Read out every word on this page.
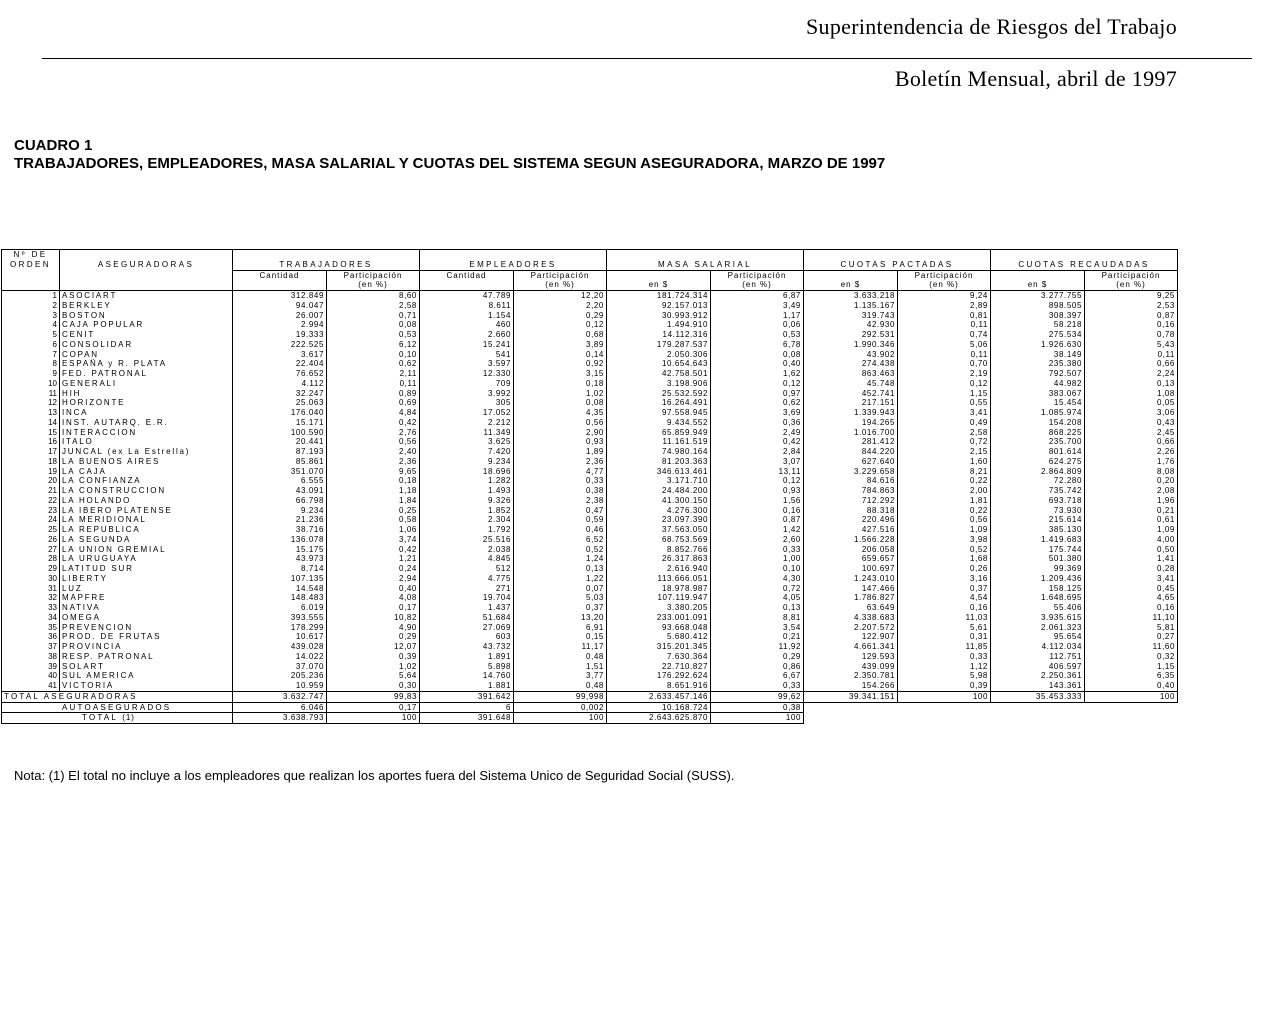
Superintendencia de Riesgos del Trabajo
Boletín Mensual, abril de 1997
CUADRO 1
TRABAJADORES, EMPLEADORES, MASA SALARIAL Y CUOTAS DEL SISTEMA SEGUN ASEGURADORA, MARZO DE 1997
Nº DE											
ORDEN	ASEGURADORAS	TRABAJADORES		EMPLEADORES		MASA SALARIAL		CUOTAS PACTADAS		CUOTAS RECAUDADAS	
		Cantidad	Participación	Cantidad	Participación		Participación		Participación		Participación
			(en %)		(en %)	en $	(en %)	en $	(en %)	en $	(en %)
1	ASOCIART	312.849	8,60	47.789	12,20	181.724.314	6,87	3.633.218	9,24	3.277.755	9,25
2	BERKLEY	94.047	2,58	8.611	2,20	92.157.013	3,49	1.135.167	2,89	898.505	2,53
3	BOSTON	26.007	0,71	1.154	0,29	30.993.912	1,17	319.743	0,81	308.397	0,87
4	CAJA POPULAR	2.994	0,08	460	0,12	1.494.910	0,06	42.930	0,11	58.218	0,16
5	CENIT	19.333	0,53	2.660	0,68	14.112.316	0,53	292.531	0,74	275.534	0,78
6	CONSOLIDAR	222.525	6,12	15.241	3,89	179.287.537	6,78	1.990.346	5,06	1.926.630	5,43
7	COPAN	3.617	0,10	541	0,14	2.050.306	0,08	43.902	0,11	38.149	0,11
8	ESPAÑA y R. PLATA	22.404	0,62	3.597	0,92	10.654.643	0,40	274.438	0,70	235.380	0,66
9	FED. PATRONAL	76.652	2,11	12.330	3,15	42.758.501	1,62	863.463	2,19	792.507	2,24
10	GENERALI	4.112	0,11	709	0,18	3.198.906	0,12	45.748	0,12	44.982	0,13
11	HIH	32.247	0,89	3.992	1,02	25.532.592	0,97	452.741	1,15	383.067	1,08
12	HORIZONTE	25.063	0,69	305	0,08	16.264.491	0,62	217.151	0,55	15.454	0,05
13	INCA	176.040	4,84	17.052	4,35	97.558.945	3,69	1.339.943	3,41	1.085.974	3,06
14	INST. AUTARQ. E.R.	15.171	0,42	2.212	0,56	9.434.552	0,36	194.265	0,49	154.208	0,43
15	INTERACCION	100.590	2,76	11.349	2,90	65.859.949	2,49	1.016.700	2,58	868.225	2,45
16	ITALO	20.441	0,56	3.625	0,93	11.161.519	0,42	281.412	0,72	235.700	0,66
17	JUNCAL (ex La Estrella)	87.193	2,40	7.420	1,89	74.980.164	2,84	844.220	2,15	801.614	2,26
18	LA BUENOS AIRES	85.861	2,36	9.234	2,36	81.203.363	3,07	627.640	1,60	624.275	1,76
19	LA CAJA	351.070	9,65	18.696	4,77	346.613.461	13,11	3.229.658	8,21	2.864.809	8,08
20	LA CONFIANZA	6.555	0,18	1.282	0,33	3.171.710	0,12	84.616	0,22	72.280	0,20
21	LA CONSTRUCCION	43.091	1,18	1.493	0,38	24.484.200	0,93	784.863	2,00	735.742	2,08
22	LA HOLANDO	66.798	1,84	9.326	2,38	41.300.150	1,56	712.292	1,81	693.718	1,96
23	LA IBERO PLATENSE	9.234	0,25	1.852	0,47	4.276.300	0,16	88.318	0,22	73.930	0,21
24	LA MERIDIONAL	21.236	0,58	2.304	0,59	23.097.390	0,87	220.496	0,56	215.614	0,61
25	LA REPUBLICA	38.716	1,06	1.792	0,46	37.563.050	1,42	427.516	1,09	385.130	1,09
26	LA SEGUNDA	136.078	3,74	25.516	6,52	68.753.569	2,60	1.566.228	3,98	1.419.683	4,00
27	LA UNION GREMIAL	15.175	0,42	2.038	0,52	8.852.766	0,33	206.058	0,52	175.744	0,50
28	LA URUGUAYA	43.973	1,21	4.845	1,24	26.317.863	1,00	659.657	1,68	501.380	1,41
29	LATITUD SUR	8.714	0,24	512	0,13	2.616.940	0,10	100.697	0,26	99.369	0,28
30	LIBERTY	107.135	2,94	4.775	1,22	113.666.051	4,30	1.243.010	3,16	1.209.436	3,41
31	LUZ	14.548	0,40	271	0,07	18.978.987	0,72	147.466	0,37	158.125	0,45
32	MAPFRE	148.483	4,08	19.704	5,03	107.119.947	4,05	1.786.827	4,54	1.648.695	4,65
33	NATIVA	6.019	0,17	1.437	0,37	3.380.205	0,13	63.649	0,16	55.406	0,16
34	OMEGA	393.555	10,82	51.684	13,20	233.001.091	8,81	4.338.683	11,03	3.935.615	11,10
35	PREVENCION	178.299	4,90	27.069	6,91	93.668.048	3,54	2.207.572	5,61	2.061.323	5,81
36	PROD. DE FRUTAS	10.617	0,29	603	0,15	5.680.412	0,21	122.907	0,31	95.654	0,27
37	PROVINCIA	439.028	12,07	43.732	11,17	315.201.345	11,92	4.661.341	11,85	4.112.034	11,60
38	RESP. PATRONAL	14.022	0,39	1.891	0,48	7.630.364	0,29	129.593	0,33	112.751	0,32
39	SOLART	37.070	1,02	5.898	1,51	22.710.827	0,86	439.099	1,12	406.597	1,15
40	SUL AMERICA	205.236	5,64	14.760	3,77	176.292.624	6,67	2.350.781	5,98	2.250.361	6,35
41	VICTORIA	10.959	0,30	1.881	0,48	8.651.916	0,33	154.266	0,39	143.361	0,40
TOTAL ASEGURADORAS		3.632.747	99,83	391.642	99,998	2.633.457.146	99,62	39.341.151	100	35.453.333	100
AUTOASEGURADOS		6.046	0,17	6	0,002	10.168.724	0,38				
TOTAL (1)		3.638.793	100	391.648	100	2.643.625.870	100				
Nota: (1) El total no incluye a los empleadores que realizan los aportes fuera del Sistema Unico de Seguridad Social (SUSS).
